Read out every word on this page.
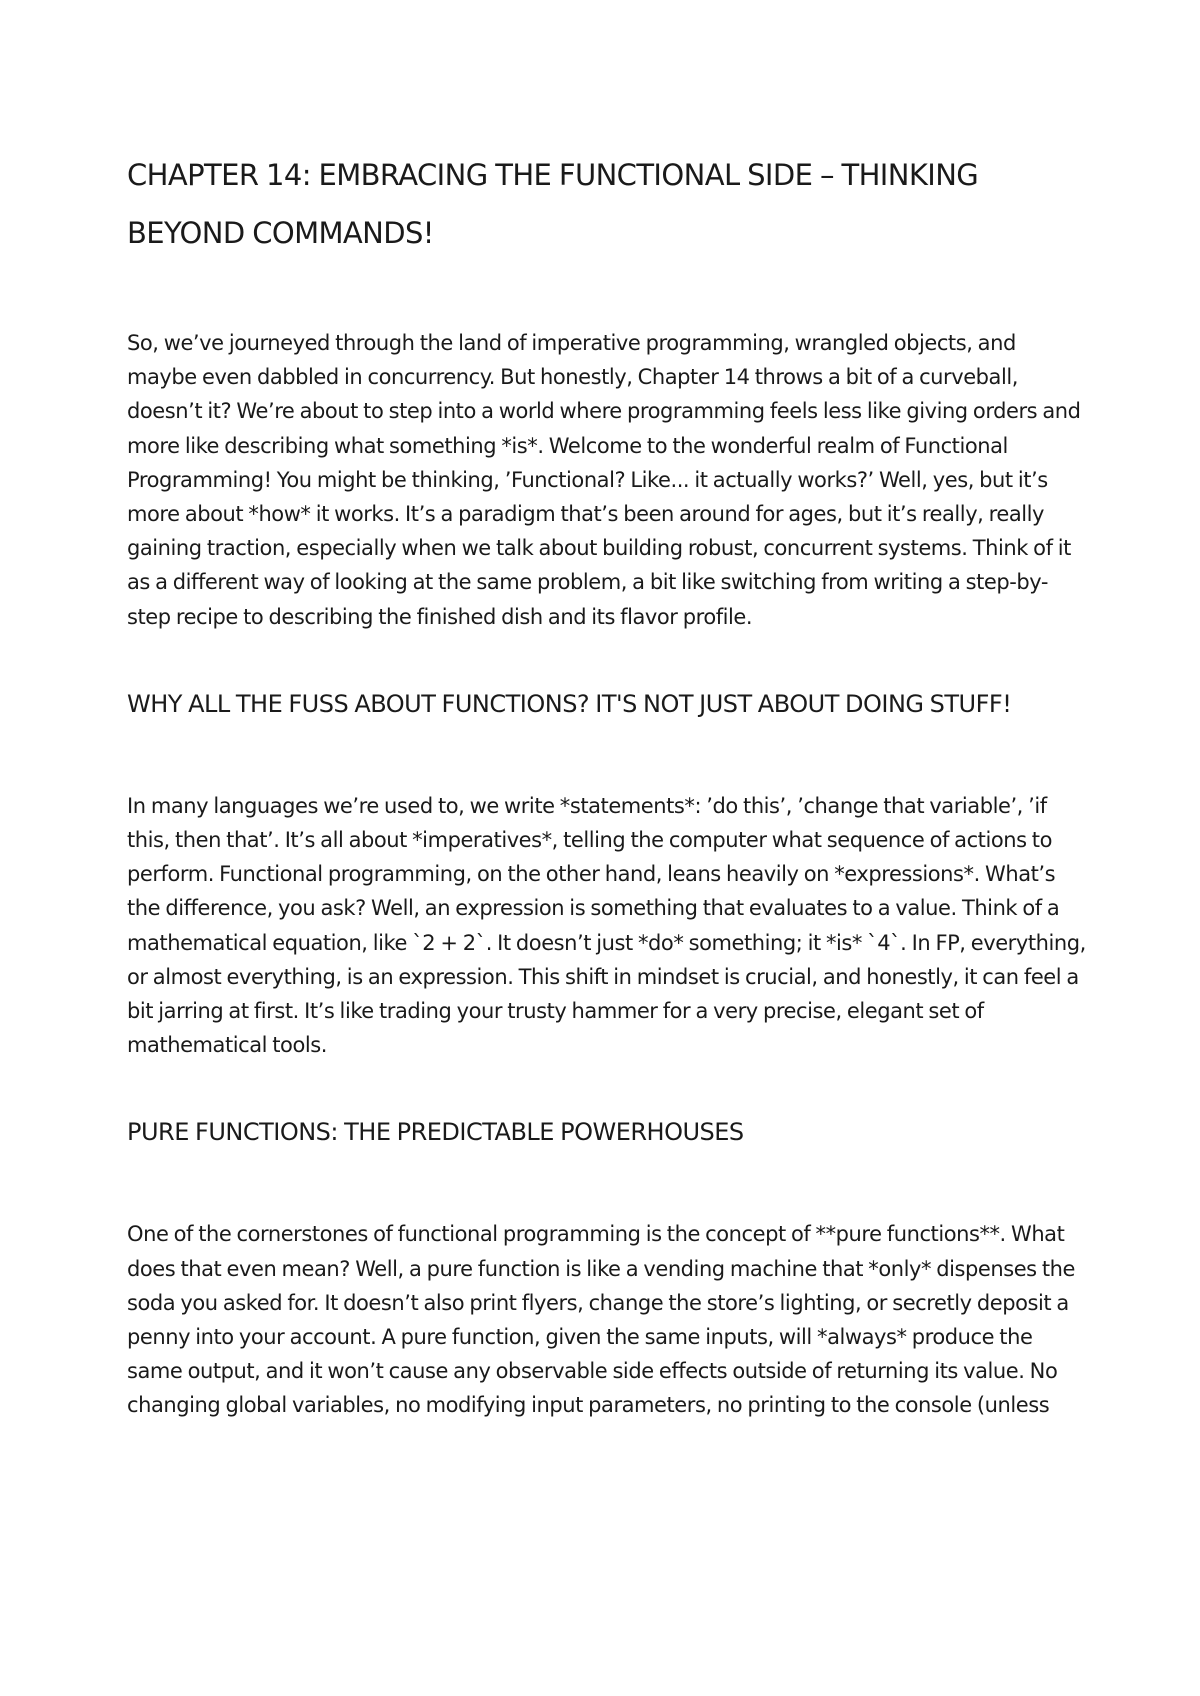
CHAPTER 14: EMBRACING THE FUNCTIONAL SIDE – THINKING BEYOND COMMANDS!

So, we’ve journeyed through the land of imperative programming, wrangled objects, and maybe even dabbled in concurrency. But honestly, Chapter 14 throws a bit of a curveball, doesn’t it? We’re about to step into a world where programming feels less like giving orders and more like describing what something *is*. Welcome to the wonderful realm of Functional Programming! You might be thinking, ’Functional? Like... it actually works?’ Well, yes, but it’s more about *how* it works. It’s a paradigm that’s been around for ages, but it’s really, really gaining traction, especially when we talk about building robust, concurrent systems. Think of it as a different way of looking at the same problem, a bit like switching from writing a step-by-step recipe to describing the finished dish and its flavor profile.

WHY ALL THE FUSS ABOUT FUNCTIONS? IT'S NOT JUST ABOUT DOING STUFF!

In many languages we’re used to, we write *statements*: ’do this’, ’change that variable’, ’if this, then that’. It’s all about *imperatives*, telling the computer what sequence of actions to perform. Functional programming, on the other hand, leans heavily on *expressions*. What’s the difference, you ask? Well, an expression is something that evaluates to a value. Think of a mathematical equation, like `2 + 2`. It doesn’t just *do* something; it *is* `4`. In FP, everything, or almost everything, is an expression. This shift in mindset is crucial, and honestly, it can feel a bit jarring at first. It’s like trading your trusty hammer for a very precise, elegant set of mathematical tools.

PURE FUNCTIONS: THE PREDICTABLE POWERHOUSES

One of the cornerstones of functional programming is the concept of **pure functions**. What does that even mean? Well, a pure function is like a vending machine that *only* dispenses the soda you asked for. It doesn’t also print flyers, change the store’s lighting, or secretly deposit a penny into your account. A pure function, given the same inputs, will *always* produce the same output, and it won’t cause any observable side effects outside of returning its value. No changing global variables, no modifying input parameters, no printing to the console (unless
